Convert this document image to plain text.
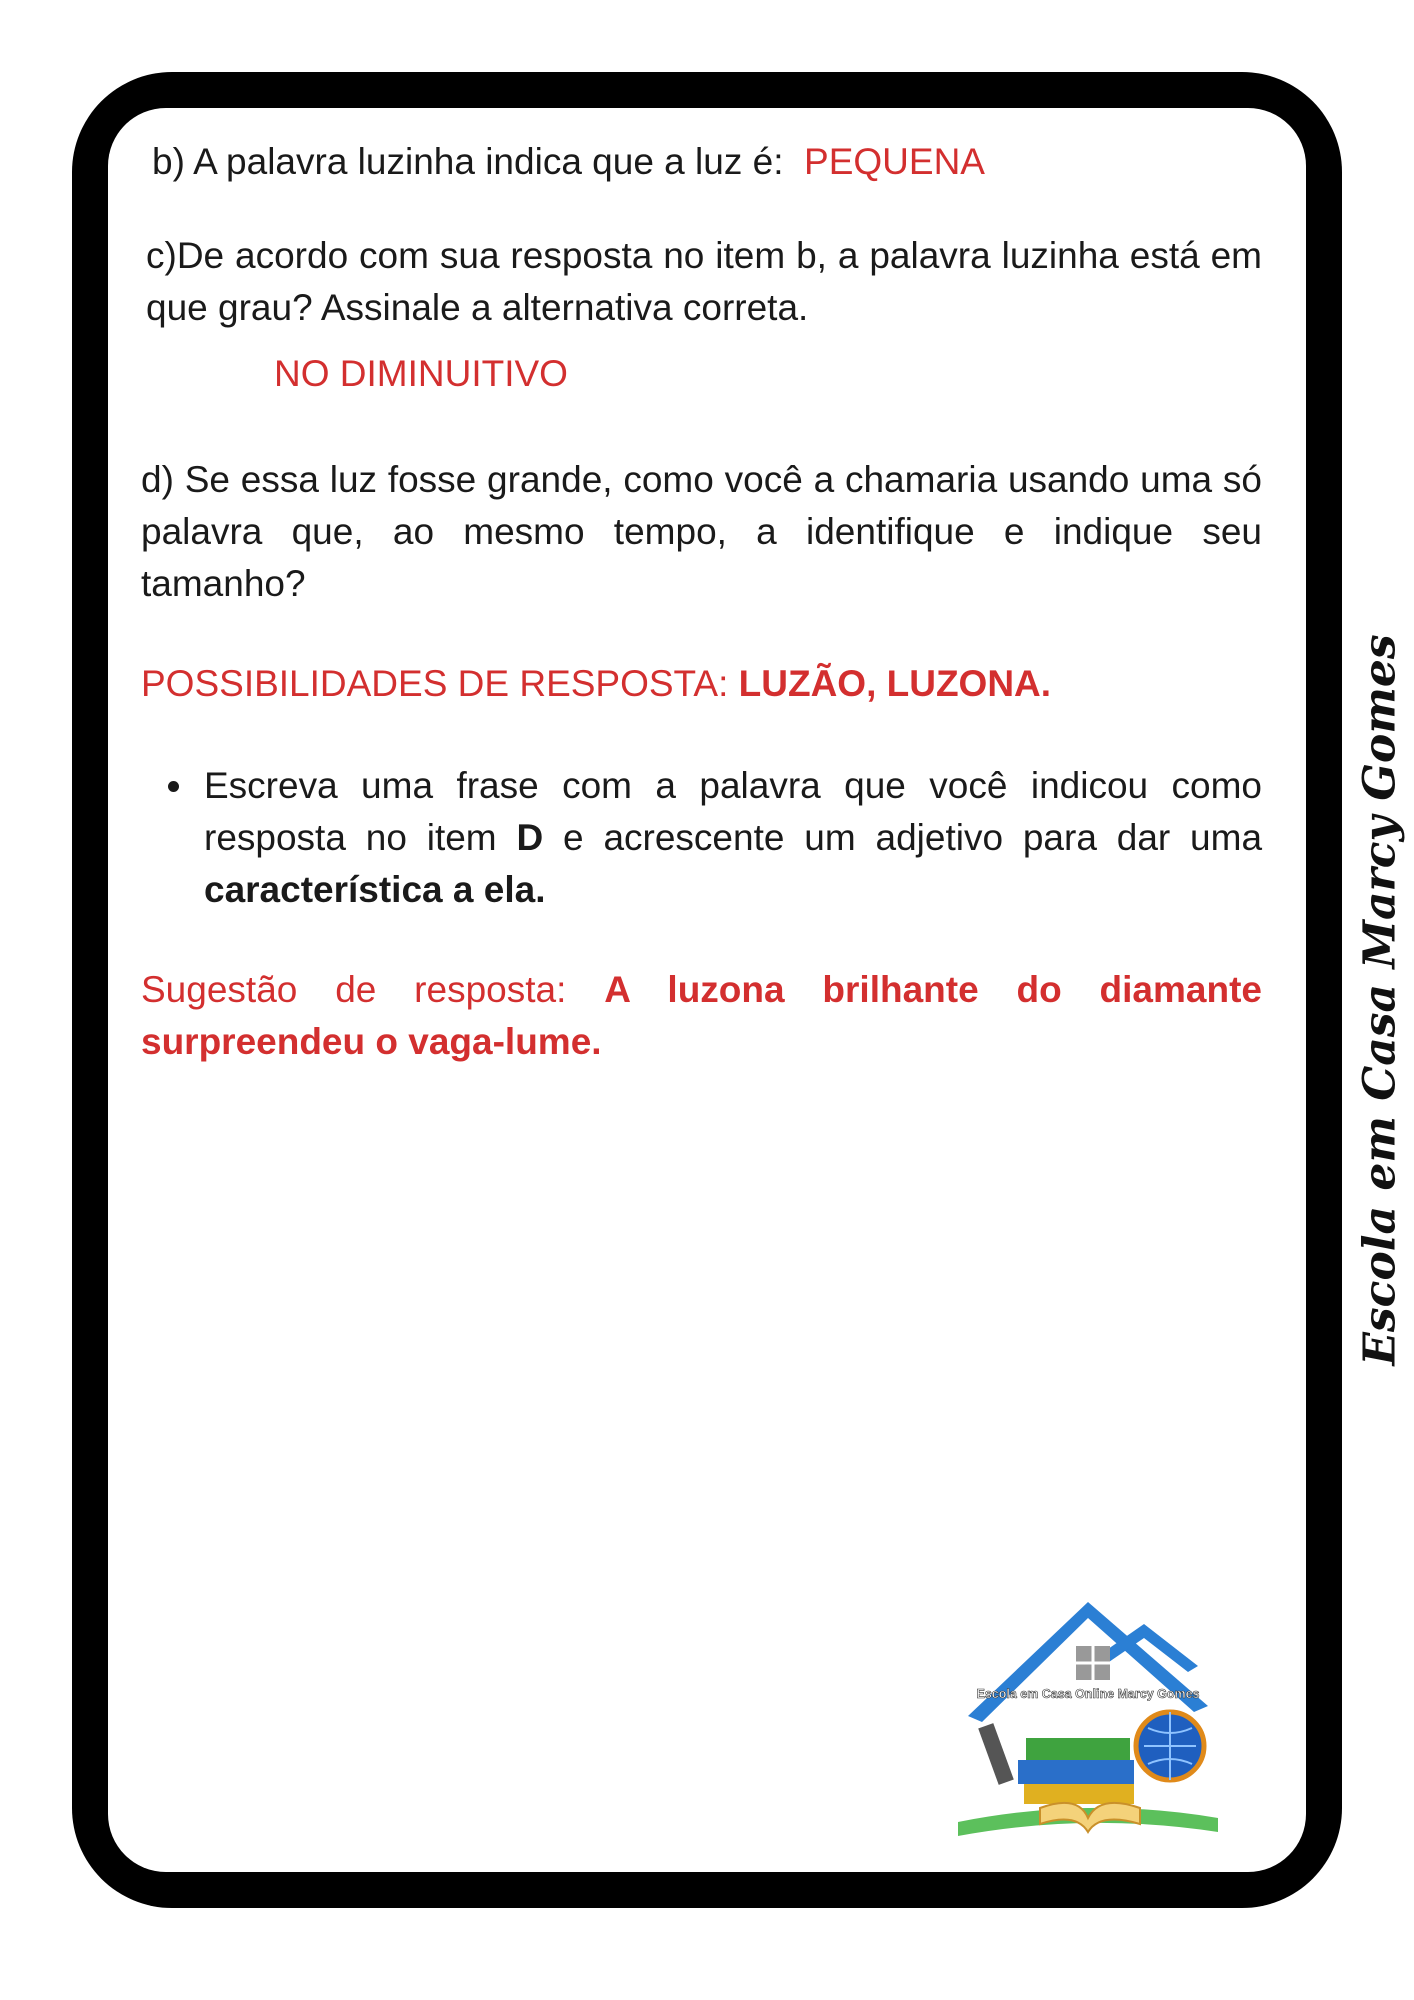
b) A palavra luzinha indica que a luz é: PEQUENA
c)De acordo com sua resposta no item b, a palavra luzinha está em que grau? Assinale a alternativa correta.
NO DIMINUITIVO
d) Se essa luz fosse grande, como você a chamaria usando uma só palavra que, ao mesmo tempo, a identifique e indique seu tamanho?
POSSIBILIDADES DE RESPOSTA: LUZÃO, LUZONA.
Escreva uma frase com a palavra que você indicou como resposta no item D e acrescente um adjetivo para dar uma característica a ela.
Sugestão de resposta: A luzona brilhante do diamante surpreendeu o vaga-lume.	Escola em Casa Marcy Gomes
Escola em Casa Online Marcy Gomes
